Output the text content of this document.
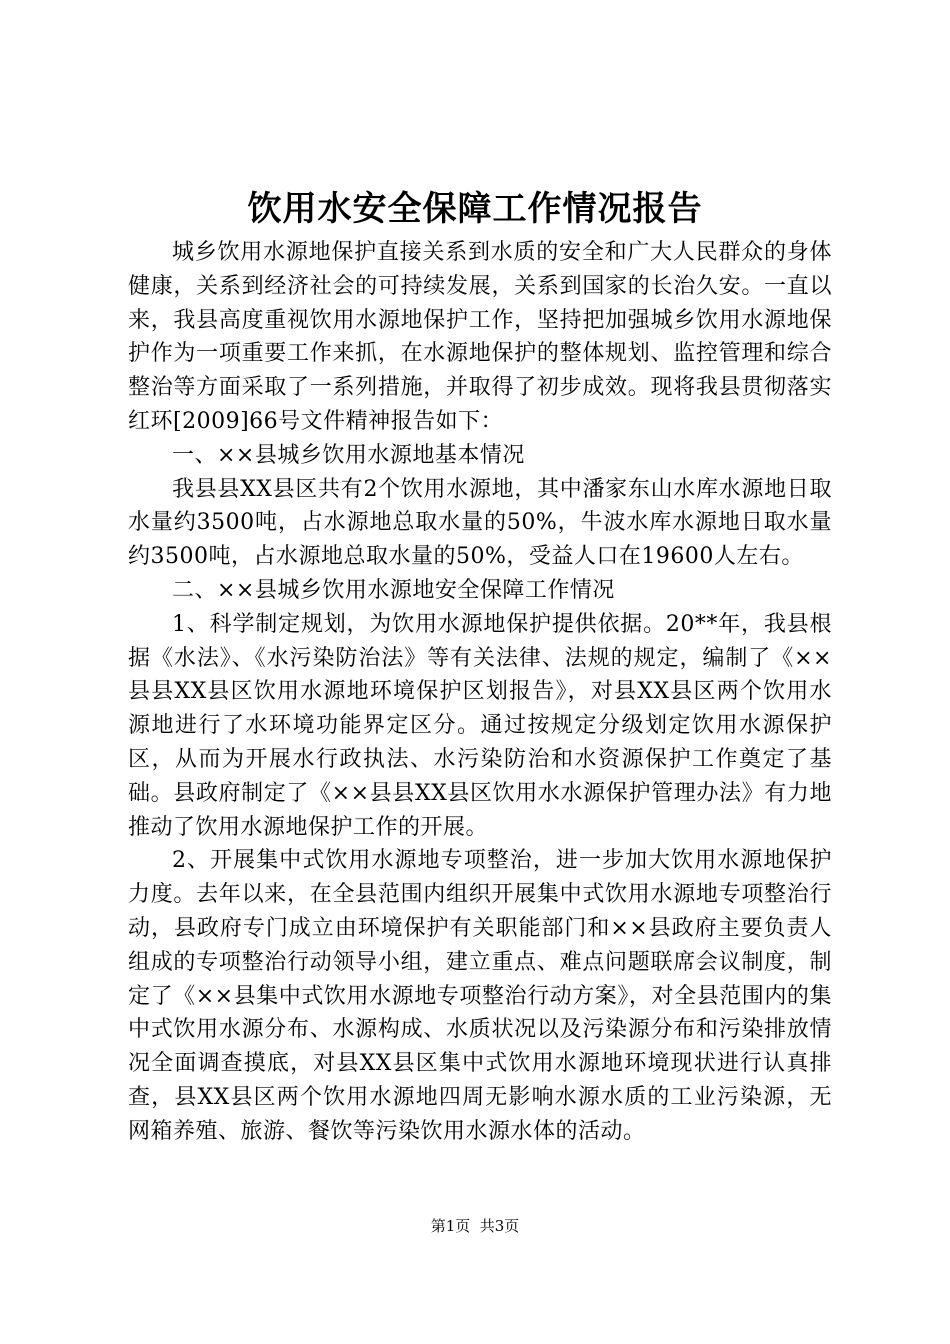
饮用水安全保障工作情况报告

城乡饮用水源地保护直接关系到水质的安全和广大人民群众的身体健康，关系到经济社会的可持续发展，关系到国家的长治久安。一直以来，我县高度重视饮用水源地保护工作，坚持把加强城乡饮用水源地保护作为一项重要工作来抓，在水源地保护的整体规划、监控管理和综合整治等方面采取了一系列措施，并取得了初步成效。现将我县贯彻落实红环[2009]66号文件精神报告如下：

一、××县城乡饮用水源地基本情况

我县县XX县区共有2个饮用水源地，其中潘家东山水库水源地日取水量约3500吨，占水源地总取水量的50%，牛波水库水源地日取水量约3500吨，占水源地总取水量的50%，受益人口在19600人左右。

二、××县城乡饮用水源地安全保障工作情况

1、科学制定规划，为饮用水源地保护提供依据。20**年，我县根据《水法》、《水污染防治法》等有关法律、法规的规定，编制了《××县县XX县区饮用水源地环境保护区划报告》，对县XX县区两个饮用水源地进行了水环境功能界定区分。通过按规定分级划定饮用水源保护区，从而为开展水行政执法、水污染防治和水资源保护工作奠定了基础。县政府制定了《××县县XX县区饮用水水源保护管理办法》有力地推动了饮用水源地保护工作的开展。

2、开展集中式饮用水源地专项整治，进一步加大饮用水源地保护力度。去年以来，在全县范围内组织开展集中式饮用水源地专项整治行动，县政府专门成立由环境保护有关职能部门和××县政府主要负责人组成的专项整治行动领导小组，建立重点、难点问题联席会议制度，制定了《××县集中式饮用水源地专项整治行动方案》，对全县范围内的集中式饮用水源分布、水源构成、水质状况以及污染源分布和污染排放情况全面调查摸底，对县XX县区集中式饮用水源地环境现状进行认真排查，县XX县区两个饮用水源地四周无影响水源水质的工业污染源，无网箱养殖、旅游、餐饮等污染饮用水源水体的活动。

第1页  共3页
